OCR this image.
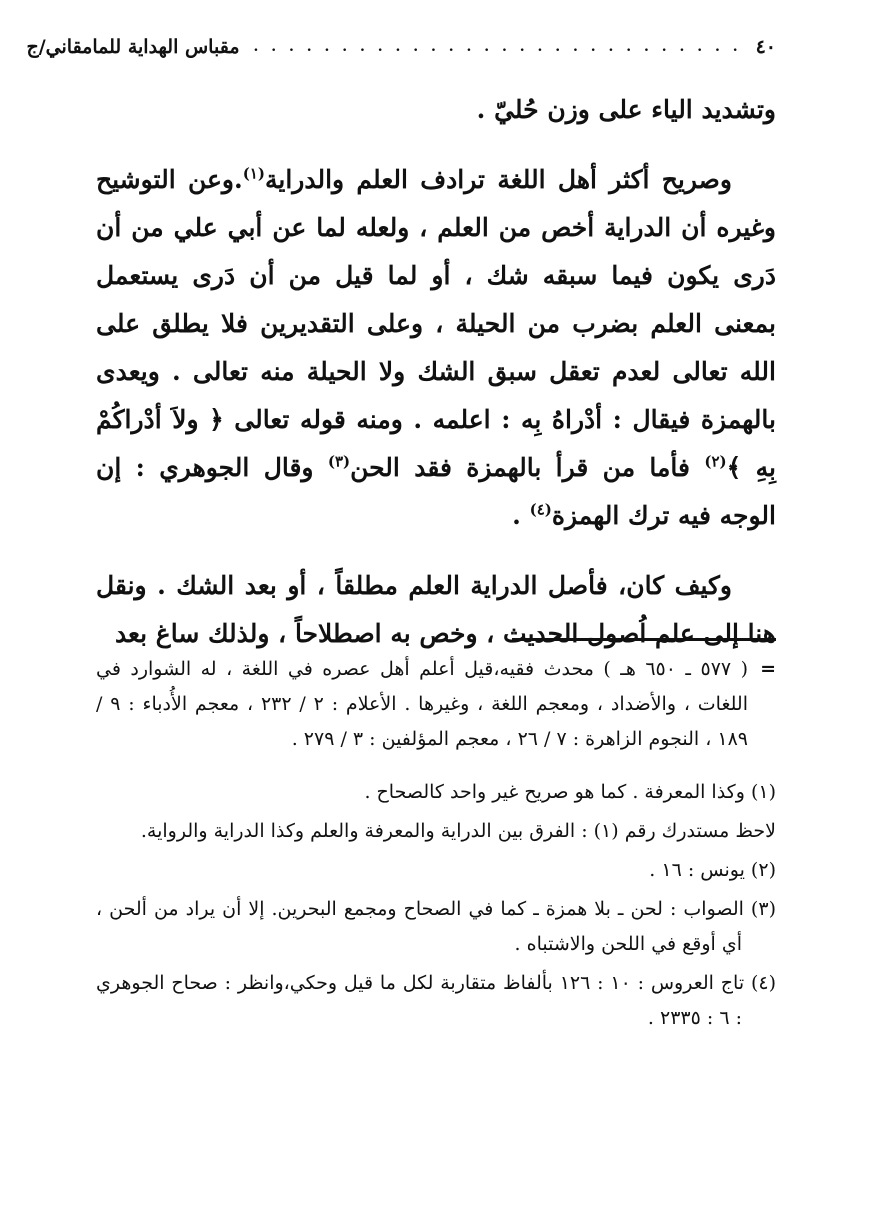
٤٠
. . . . . . . . . . . . . . . . . . . . . . . . . . . .
مقباس الهداية للمامقاني/ج

وتشديد الياء على وزن حُليّ .

وصريح أكثر أهل اللغة ترادف العلم والدراية$^{(١)}$.وعن التوشيح وغيره أن الدراية أخص من العلم ، ولعله لما عن أبي علي من أن دَرى يكون فيما سبقه شك ، أو لما قيل من أن دَرى يستعمل بمعنى العلم بضرب من الحيلة ، وعلى التقديرين فلا يطلق على الله تعالى لعدم تعقل سبق الشك ولا الحيلة منه تعالى . ويعدى بالهمزة فيقال : أدْراهُ بِه : اعلمه . ومنه قوله تعالى ﴿ ولاَ أدْراكُمْ بِهِ ﴾$^{(٢)}$ فأما من قرأ بالهمزة فقد الحن$^{(٣)}$ وقال الجوهري : إن الوجه فيه ترك الهمزة$^{(٤)}$ .

وكيف كان، فأصل الدراية العلم مطلقاً ، أو بعد الشك . ونقل هنا إلى علم اُصول الحديث ، وخص به اصطلاحاً ، ولذلك ساغ بعد

=
( ٥٧٧ ـ ٦٥٠ هـ ) محدث فقيه،قيل أعلم أهل عصره في اللغة ، له الشوارد في اللغات ، والأضداد ، ومعجم اللغة ، وغيرها . الأعلام : ٢ / ٢٣٢ ، معجم الأُدباء : ٩ / ١٨٩ ، النجوم الزاهرة : ٧ / ٢٦ ، معجم المؤلفين : ٣ / ٢٧٩ .
(١) وكذا المعرفة . كما هو صريح غير واحد كالصحاح .
لاحظ مستدرك رقم (١) : الفرق بين الدراية والمعرفة والعلم وكذا الدراية والرواية.
(٢) يونس : ١٦ .
(٣) الصواب : لحن ـ بلا همزة ـ كما في الصحاح ومجمع البحرين. إلا أن يراد من ألحن ، أي أوقع في اللحن والاشتباه .
(٤) تاج العروس : ١٠ : ١٢٦ بألفاظ متقاربة لكل ما قيل وحكي،وانظر : صحاح الجوهري : ٦ : ٢٣٣٥ .
